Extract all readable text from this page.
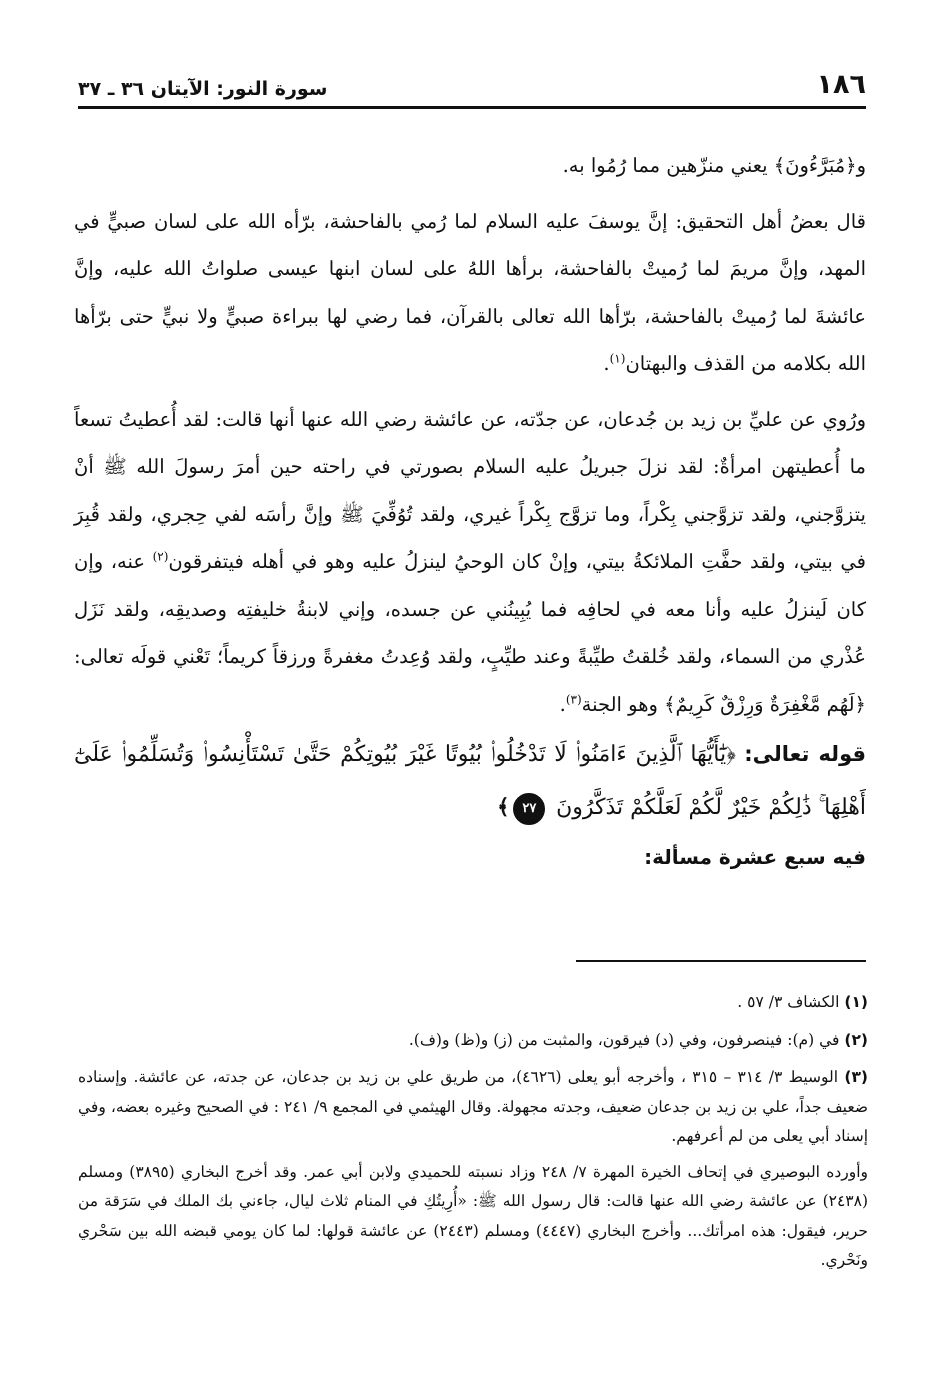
١٨٦
سورة النور: الآيتان ٣٦ ـ ٣٧

و﴿مُبَرَّءُونَ﴾ يعني منزّهين مما رُمُوا به.

قال بعضُ أهل التحقيق: إنَّ يوسفَ عليه السلام لما رُمي بالفاحشة، برّأه الله على لسان صبيٍّ في المهد، وإنَّ مريمَ لما رُميتْ بالفاحشة، برأها اللهُ على لسان ابنها عيسى صلواتُ الله عليه، وإنَّ عائشةَ لما رُميتْ بالفاحشة، برّأها الله تعالى بالقرآن، فما رضي لها ببراءة صبيٍّ ولا نبيٍّ حتى برّأها الله بكلامه من القذف والبهتان$^{(١)}$.

ورُوي عن عليِّ بن زيد بن جُدعان، عن جدّته، عن عائشة رضي الله عنها أنها قالت: لقد أُعطيتُ تسعاً ما أُعطيتهن امرأةٌ: لقد نزلَ جبريلُ عليه السلام بصورتي في راحته حين أمرَ رسولَ الله ﷺ أنْ يتزوَّجني، ولقد تزوَّجني بِكْراً، وما تزوَّج بِكْراً غيري، ولقد تُوُفِّيَ ﷺ وإنَّ رأسَه لفي حِجري، ولقد قُبِرَ في بيتي، ولقد حفَّتِ الملائكةُ بيتي، وإنْ كان الوحيُ لينزلُ عليه وهو في أهله فيتفرقون$^{(٢)}$ عنه، وإن كان لَينزلُ عليه وأنا معه في لحافِه فما يُبِينُني عن جسده، وإني لابنةُ خليفتِه وصديقِه، ولقد نَزَل عُذْري من السماء، ولقد خُلقتُ طيِّبةً وعند طيِّبٍ، ولقد وُعِدتُ مغفرةً ورزقاً كريماً؛ تَعْني قولَه تعالى: ﴿لَهُم مَّغْفِرَةٌ وَرِزْقٌ كَرِيمٌ﴾ وهو الجنة$^{(٣)}$.

قوله تعالى: ﴿يَٰٓأَيُّهَا ٱلَّذِينَ ءَامَنُوا۟ لَا تَدْخُلُوا۟ بُيُوتًا غَيْرَ بُيُوتِكُمْ حَتَّىٰ تَسْتَأْنِسُوا۟ وَتُسَلِّمُوا۟ عَلَىٰٓ أَهْلِهَا ۚ ذَٰلِكُمْ خَيْرٌ لَّكُمْ لَعَلَّكُمْ تَذَكَّرُونَ ٢٧﴾

فيه سبع عشرة مسألة:

(١) الكشاف ٣/ ٥٧ .

(٢) في (م): فينصرفون، وفي (د) فيرقون، والمثبت من (ز) و(ظ) و(ف).

(٣) الوسيط ٣/ ٣١٤ – ٣١٥ ، وأخرجه أبو يعلى (٤٦٢٦)، من طريق علي بن زيد بن جدعان، عن جدته، عن عائشة. وإسناده ضعيف جداً، علي بن زيد بن جدعان ضعيف، وجدته مجهولة. وقال الهيثمي في المجمع ٩/ ٢٤١ : في الصحيح وغيره بعضه، وفي إسناد أبي يعلى من لم أعرفهم.

وأورده البوصيري في إتحاف الخيرة المهرة ٧/ ٢٤٨ وزاد نسبته للحميدي ولابن أبي عمر. وقد أخرج البخاري (٣٨٩٥) ومسلم (٢٤٣٨) عن عائشة رضي الله عنها قالت: قال رسول الله ﷺ: «أُرِيتُكِ في المنام ثلاث ليال، جاءني بك الملك في سَرَقة من حرير، فيقول: هذه امرأتك... وأخرج البخاري (٤٤٤٧) ومسلم (٢٤٤٣) عن عائشة قولها: لما كان يومي قبضه الله بين سَحْري ونَحْري.
